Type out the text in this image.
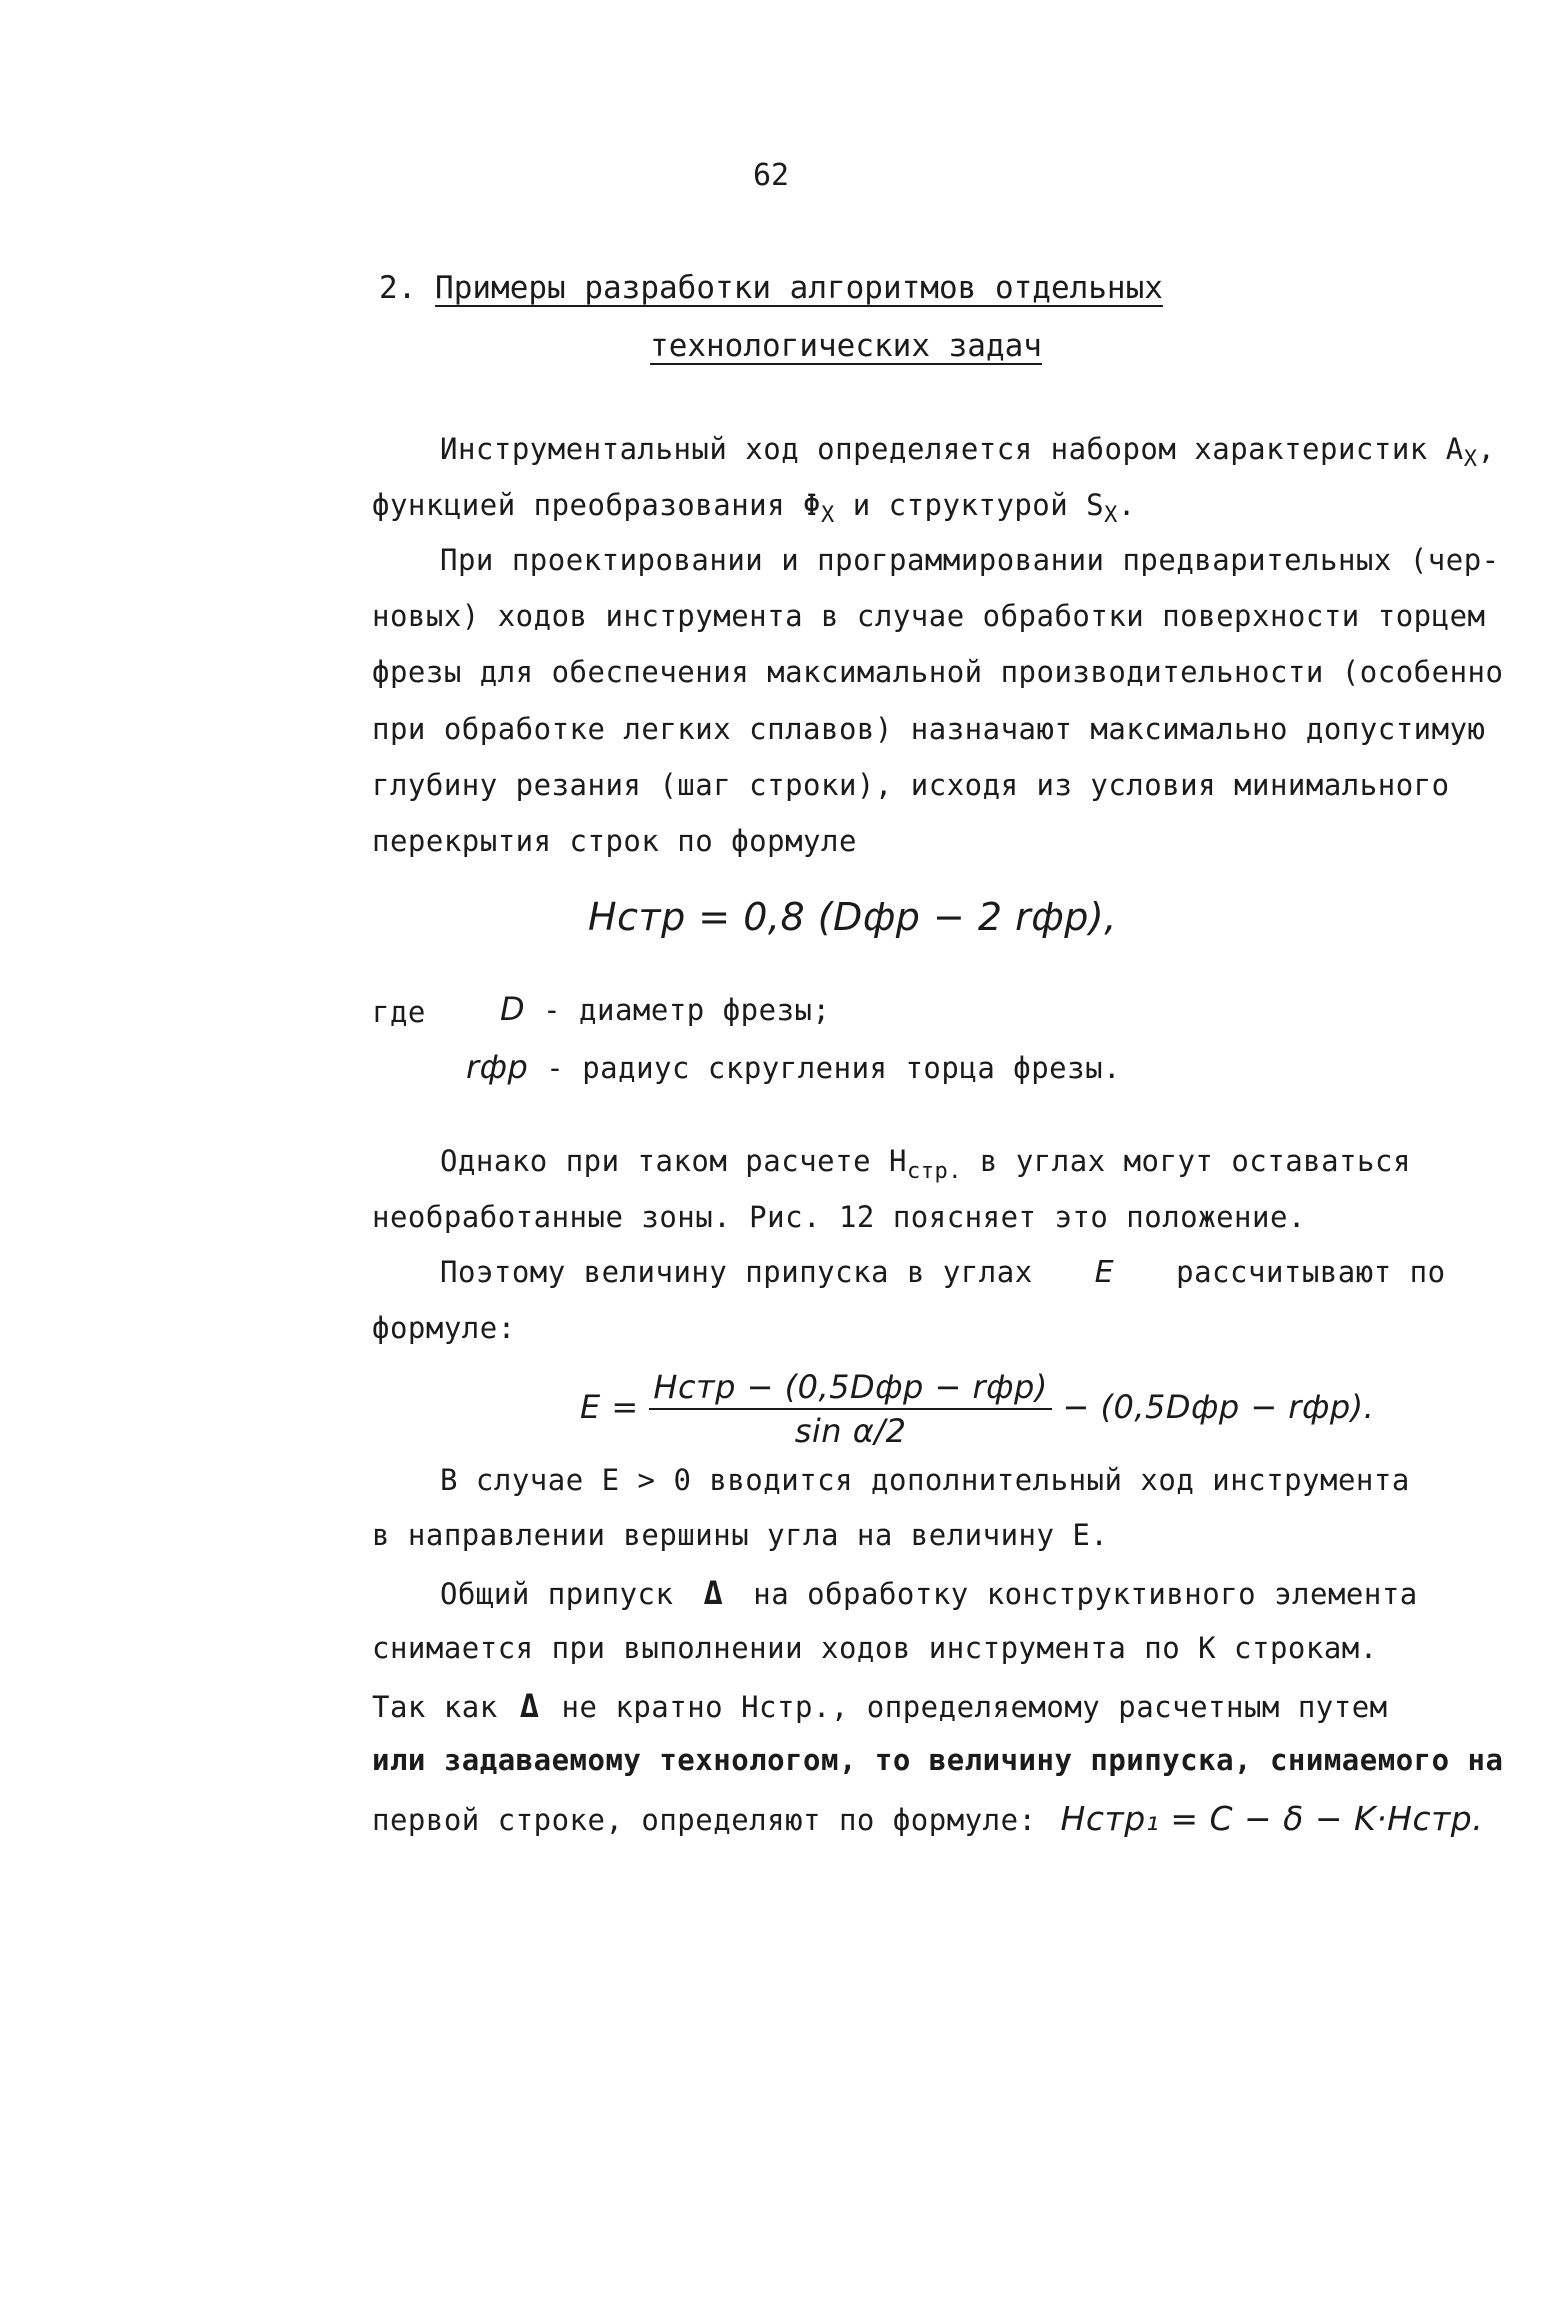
62
2. Примеры разработки алгоритмов отдельных
технологических задач
Инструментальный ход определяется набором характеристик $A_X$,
функцией преобразования $\Phi_X$ и структурой $S_X$.
При проектировании и программировании предварительных (чер-
новых) ходов инструмента в случае обработки поверхности торцем
фрезы для обеспечения максимальной производительности (особенно
при обработке легких сплавов) назначают максимально допустимую
глубину резания (шаг строки), исходя из условия минимального
перекрытия строк по формуле
Hстр = 0,8 (Dфр − 2 rфр),
где D - диаметр фрезы;
rфр - радиус скругления торца фрезы.
Однако при таком расчете $H_{стр.}$ в углах могут оставаться
необработанные зоны. Рис. 12 поясняет это положение.
Поэтому величину припуска в углах E рассчитывают по
формуле:
$E = \frac{\text{Hстр − (0,5Dфр − rфр)}}{\text{sin α/2}} - (0,5Dфр - rфр)$.
В случае E > 0 вводится дополнительный ход инструмента
в направлении вершины угла на величину E.
Общий припуск Δ на обработку конструктивного элемента
снимается при выполнении ходов инструмента по K строкам.
Так как Δ не кратно Нстр., определяемому расчетным путем
или задаваемому технологом, то величину припуска, снимаемого на
первой строке, определяют по формуле: Hстр₁ = C − δ − K·Hстр.
